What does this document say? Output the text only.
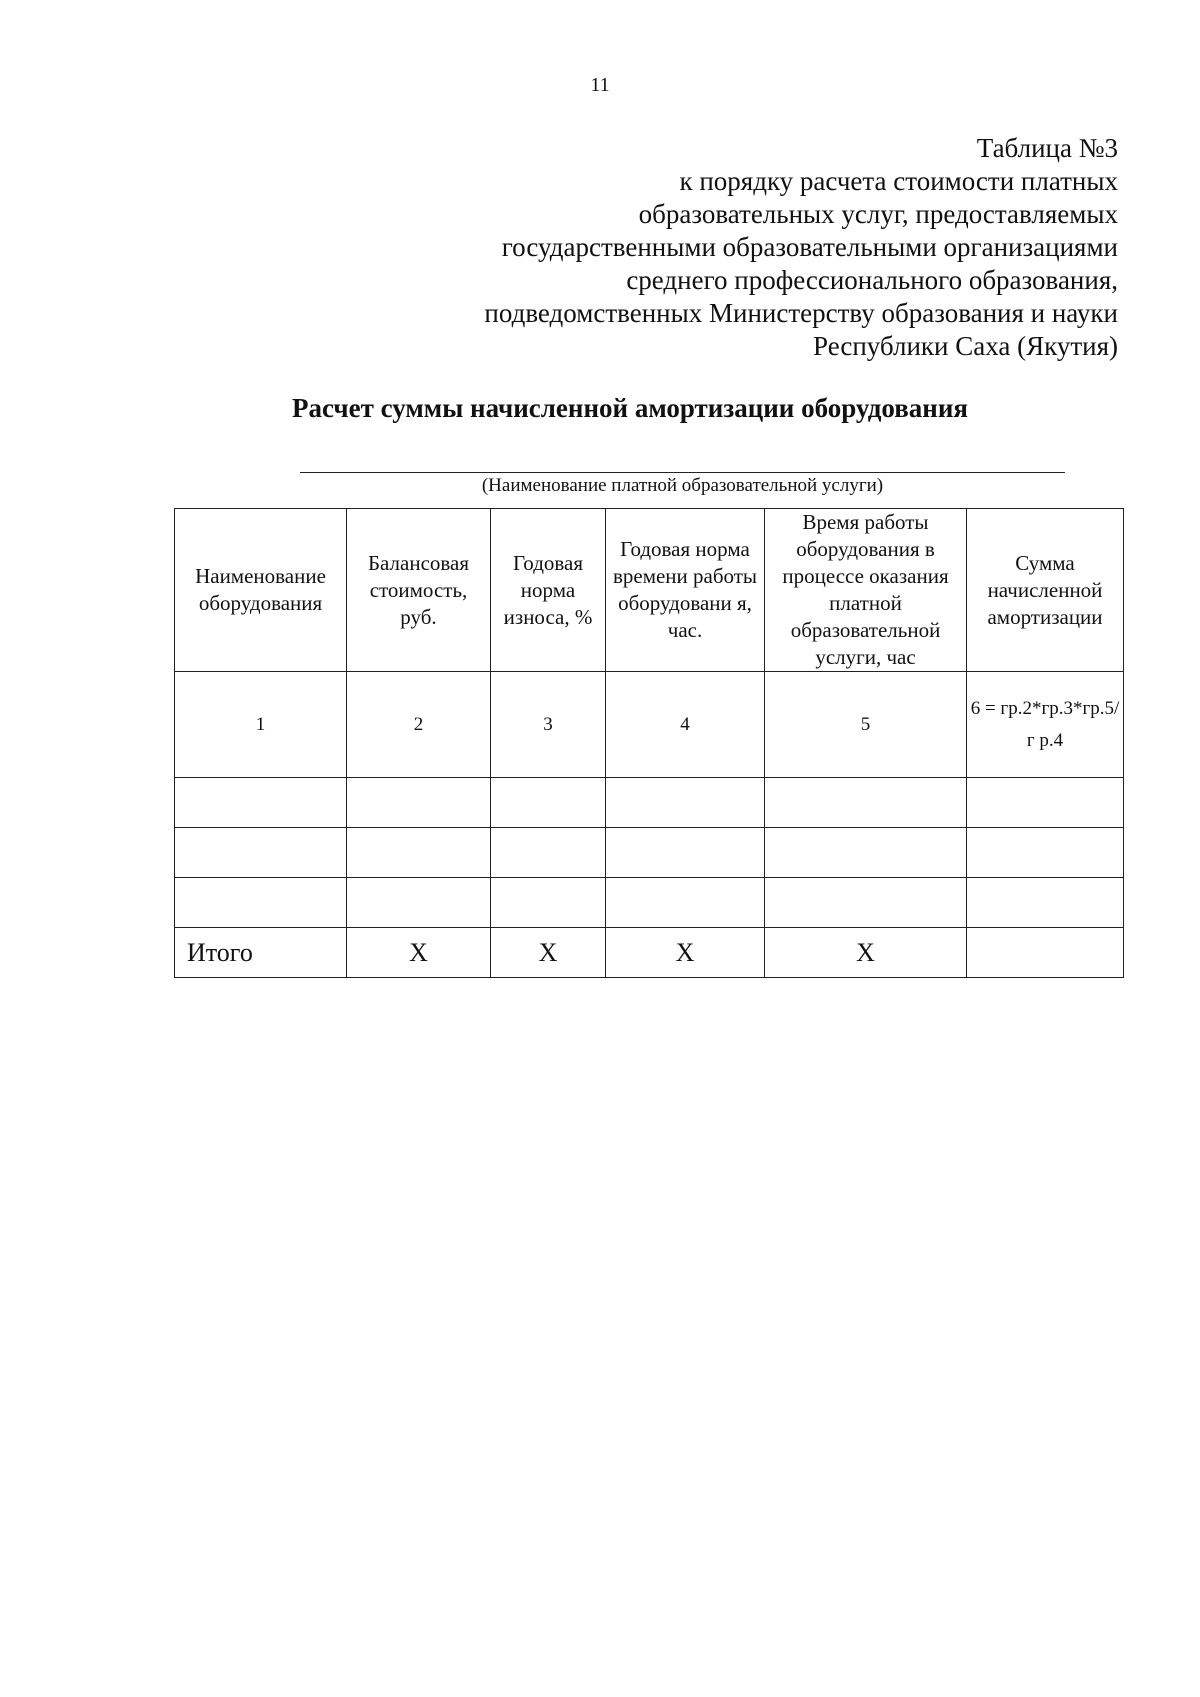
11
Таблица №3
к порядку расчета стоимости платных
образовательных услуг, предоставляемых
государственными образовательными организациями
среднего профессионального образования,
подведомственных Министерству образования и науки
Республики Саха (Якутия)
Расчет суммы начисленной амортизации оборудования
(Наименование платной образовательной услуги)
Наименование оборудования	Балансовая стоимость, руб.	Годовая норма износа, %	Годовая норма времени работы оборудовани я, час.	Время работы оборудования в процессе оказания платной образовательной услуги, час	Сумма начисленной амортизации
1	2	3	4	5	6 = гр.2*гр.3*гр.5/г р.4

Итого	X	X	X	X	
